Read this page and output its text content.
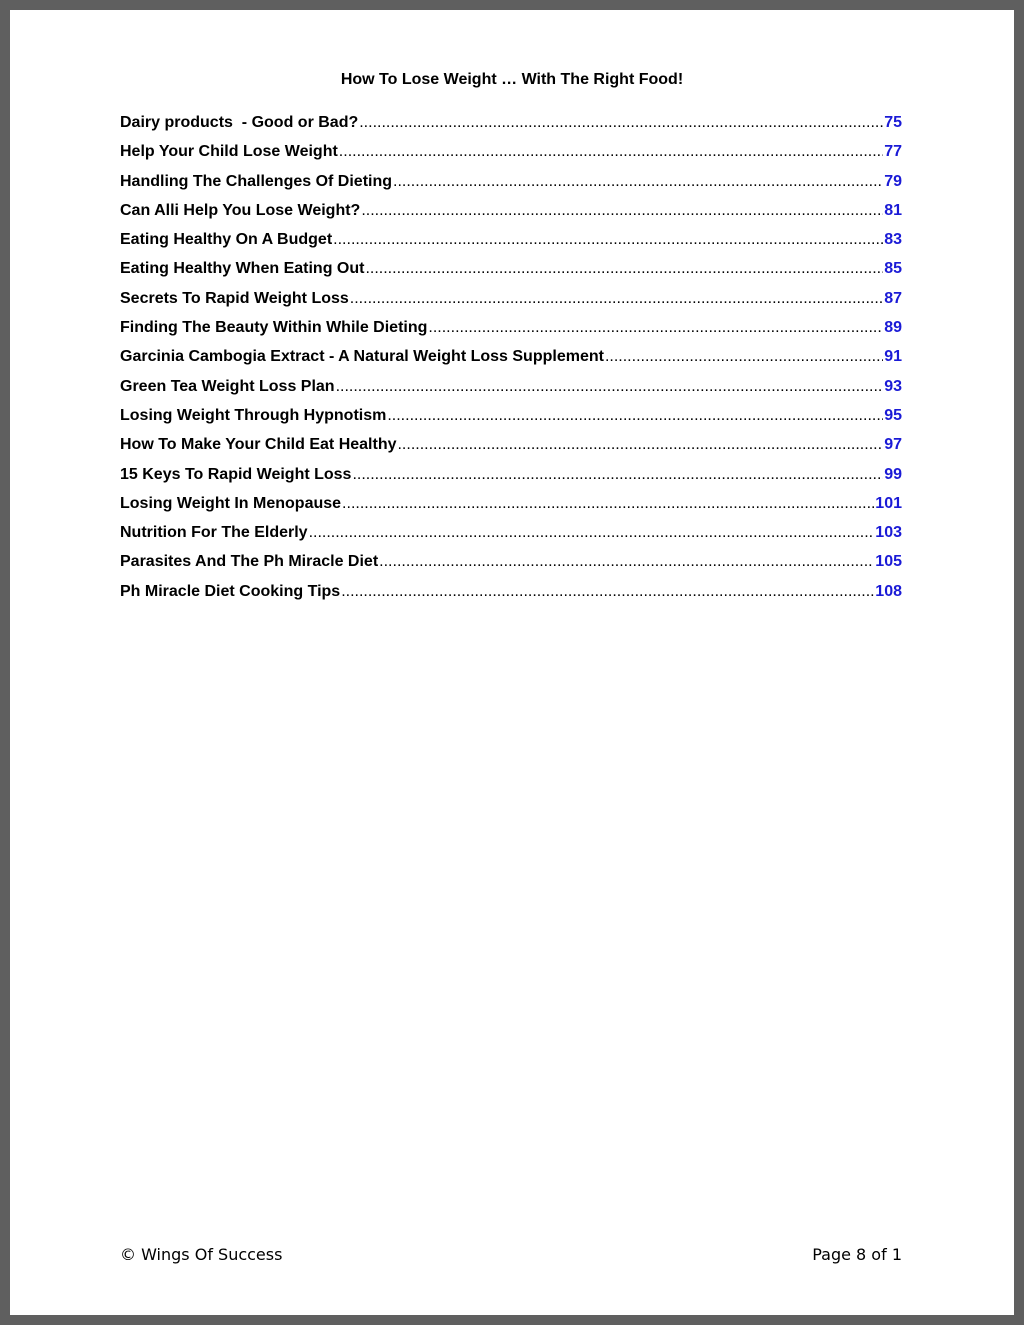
How To Lose Weight … With The Right Food!
Dairy products  - Good or Bad? .....	75
Help Your Child Lose Weight .....	77
Handling The Challenges Of Dieting .....	79
Can Alli Help You Lose Weight? .....	81
Eating Healthy On A Budget .....	83
Eating Healthy When Eating Out .....	85
Secrets To Rapid Weight Loss .....	87
Finding The Beauty Within While Dieting .....	89
Garcinia Cambogia Extract - A Natural Weight Loss Supplement .....	91
Green Tea Weight Loss Plan .....	93
Losing Weight Through Hypnotism .....	95
How To Make Your Child Eat Healthy .....	97
15 Keys To Rapid Weight Loss .....	99
Losing Weight In Menopause .....	101
Nutrition For The Elderly .....	103
Parasites And The Ph Miracle Diet .....	105
Ph Miracle Diet Cooking Tips .....	108
© Wings Of Success	Page 8 of 1
